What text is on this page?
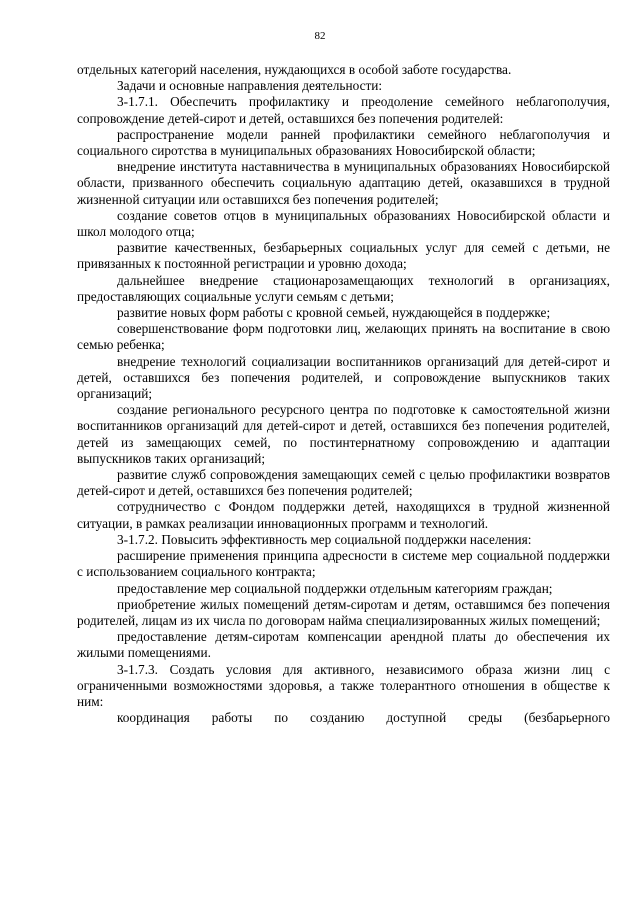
82

отдельных категорий населения, нуждающихся в особой заботе государства.

Задачи и основные направления деятельности:

3-1.7.1. Обеспечить профилактику и преодоление семейного неблагополучия, сопровождение детей-сирот и детей, оставшихся без попечения родителей:

распространение модели ранней профилактики семейного неблагополучия и социального сиротства в муниципальных образованиях Новосибирской области;

внедрение института наставничества в муниципальных образованиях Новосибирской области, призванного обеспечить социальную адаптацию детей, оказавшихся в трудной жизненной ситуации или оставшихся без попечения родителей;

создание советов отцов в муниципальных образованиях Новосибирской области и школ молодого отца;

развитие качественных, безбарьерных социальных услуг для семей с детьми, не привязанных к постоянной регистрации и уровню дохода;

дальнейшее внедрение стационарозамещающих технологий в организациях, предоставляющих социальные услуги семьям с детьми;

развитие новых форм работы с кровной семьей, нуждающейся в поддержке;

совершенствование форм подготовки лиц, желающих принять на воспитание в свою семью ребенка;

внедрение технологий социализации воспитанников организаций для детей-сирот и детей, оставшихся без попечения родителей, и сопровождение выпускников таких организаций;

создание регионального ресурсного центра по подготовке к самостоятельной жизни воспитанников организаций для детей-сирот и детей, оставшихся без попечения родителей, детей из замещающих семей, по постинтернатному сопровождению и адаптации выпускников таких организаций;

развитие служб сопровождения замещающих семей с целью профилактики возвратов детей-сирот и детей, оставшихся без попечения родителей;

сотрудничество с Фондом поддержки детей, находящихся в трудной жизненной ситуации, в рамках реализации инновационных программ и технологий.

3-1.7.2. Повысить эффективность мер социальной поддержки населения:

расширение применения принципа адресности в системе мер социальной поддержки с использованием социального контракта;

предоставление мер социальной поддержки отдельным категориям граждан;

приобретение жилых помещений детям-сиротам и детям, оставшимся без попечения родителей, лицам из их числа по договорам найма специализированных жилых помещений;

предоставление детям-сиротам компенсации арендной платы до обеспечения их жилыми помещениями.

3-1.7.3. Создать условия для активного, независимого образа жизни лиц с ограниченными возможностями здоровья, а также толерантного отношения в обществе к ним:

координация работы по созданию доступной среды (безбарьерного
